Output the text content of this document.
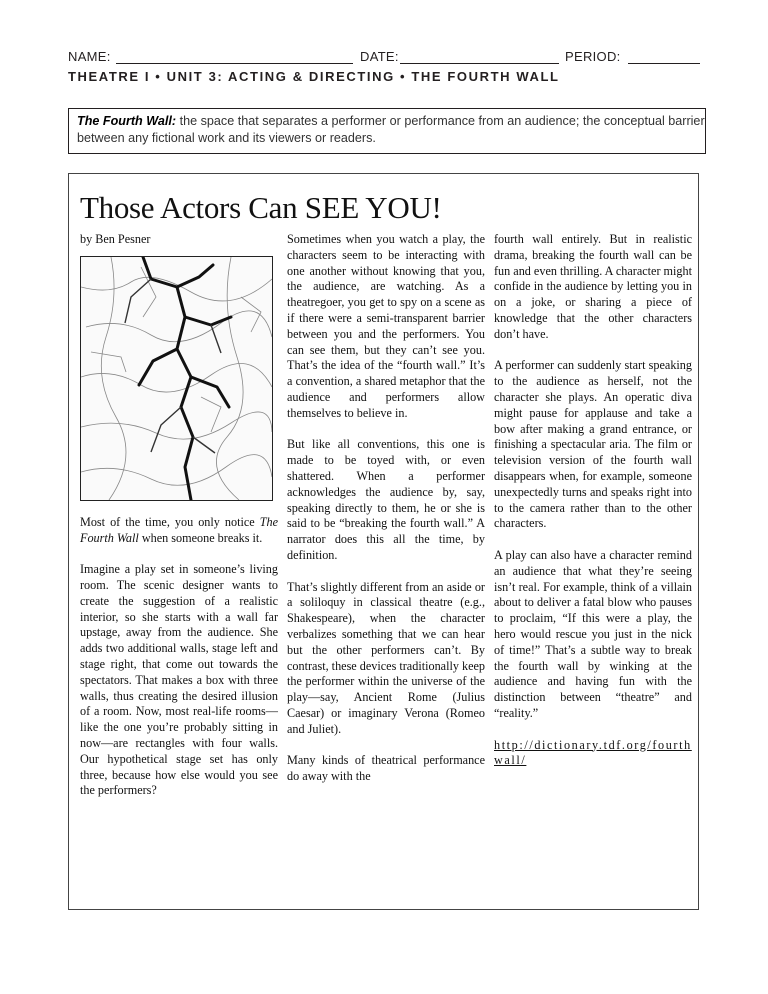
NAME:	DATE:	PERIOD:
THEATRE I • UNIT 3: ACTING & DIRECTING • THE FOURTH WALL
The Fourth Wall: the space that separates a performer or performance from an audience; the conceptual barrier between any fictional work and its viewers or readers.
Those Actors Can SEE YOU!

by Ben Pesner

Most of the time, you only notice The Fourth Wall when someone breaks it.

Imagine a play set in someone’s living room. The scenic designer wants to create the suggestion of a realistic interior, so she starts with a wall far upstage, away from the audience. She adds two additional walls, stage left and stage right, that come out towards the spectators. That makes a box with three walls, thus creating the desired illusion of a room. Now, most real-life rooms—like the one you’re probably sitting in now—are rectangles with four walls. Our hypothetical stage set has only three, because how else would you see the performers?

Sometimes when you watch a play, the characters seem to be interacting with one another without knowing that you, the audience, are watching. As a theatregoer, you get to spy on a scene as if there were a semi-transparent barrier between you and the performers. You can see them, but they can’t see you. That’s the idea of the “fourth wall.” It’s a convention, a shared metaphor that the audience and performers allow themselves to believe in.

But like all conventions, this one is made to be toyed with, or even shattered. When a performer acknowledges the audience by, say, speaking directly to them, he or she is said to be “breaking the fourth wall.” A narrator does this all the time, by definition.

That’s slightly different from an aside or a soliloquy in classical theatre (e.g., Shakespeare), when the character verbalizes something that we can hear but the other performers can’t. By contrast, these devices traditionally keep the performer within the universe of the play—say, Ancient Rome (Julius Caesar) or imaginary Verona (Romeo and Juliet).

Many kinds of theatrical performance do away with the

fourth wall entirely. But in realistic drama, breaking the fourth wall can be fun and even thrilling. A character might confide in the audience by letting you in on a joke, or sharing a piece of knowledge that the other characters don’t have.

A performer can suddenly start speaking to the audience as herself, not the character she plays. An operatic diva might pause for applause and take a bow after making a grand entrance, or finishing a spectacular aria. The film or television version of the fourth wall disappears when, for example, someone unexpectedly turns and speaks right into to the camera rather than to the other characters.

A play can also have a character remind an audience that what they’re seeing isn’t real. For example, think of a villain about to deliver a fatal blow who pauses to proclaim, “If this were a play, the hero would rescue you just in the nick of time!” That’s a subtle way to break the fourth wall by winking at the audience and having fun with the distinction between “theatre” and “reality.”

http://dictionary.tdf.org/fourthwall/
